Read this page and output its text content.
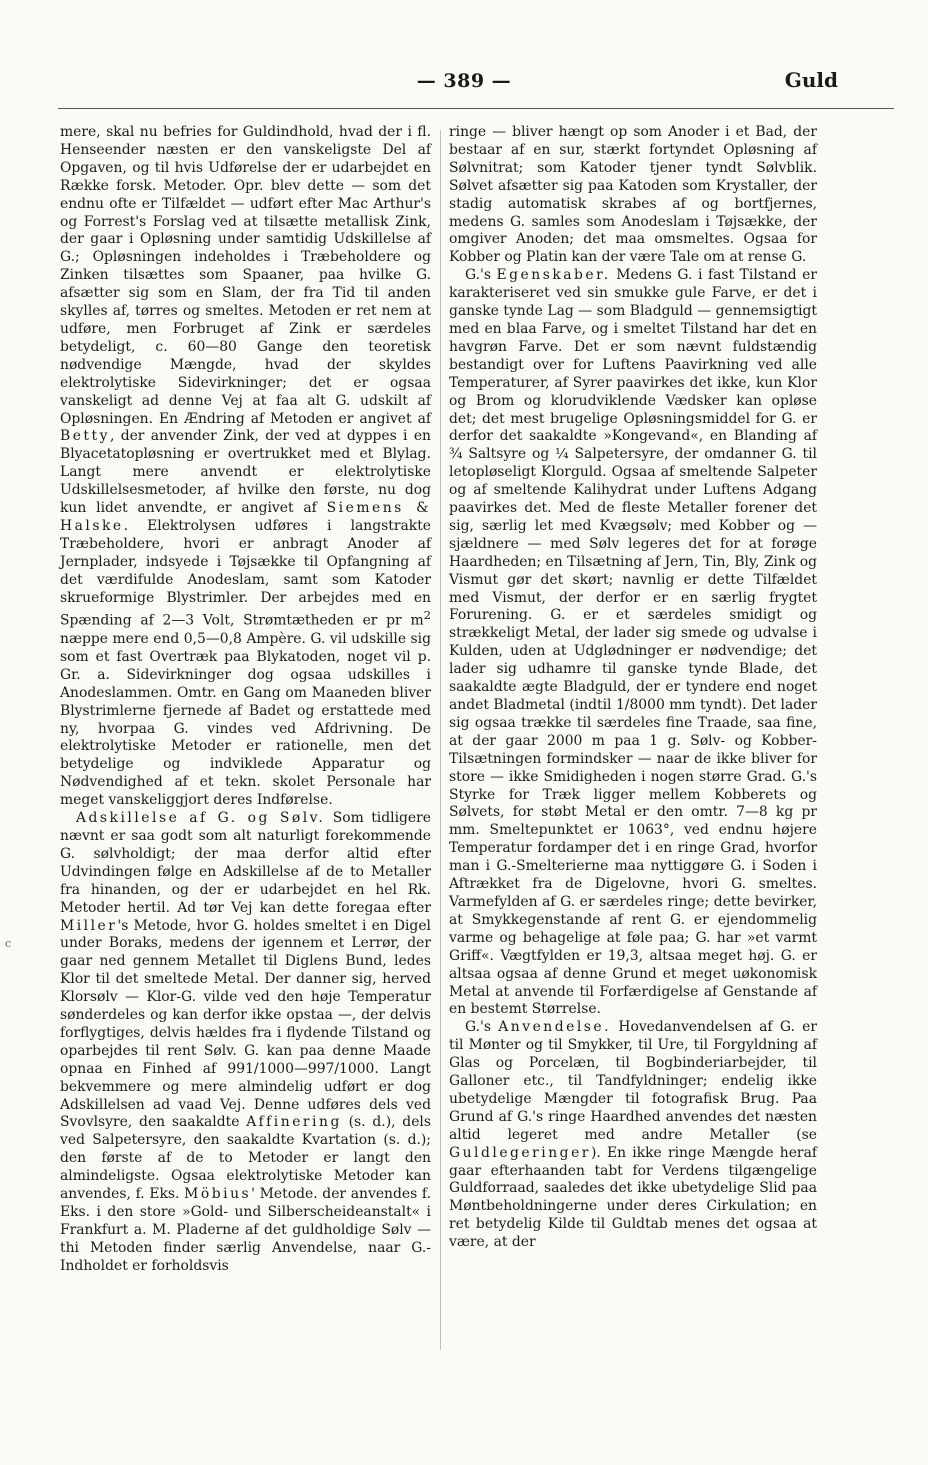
— 389 —	Guld
c

mere, skal nu befries for Guldindhold, hvad der i fl. Henseender næsten er den vanskeligste Del af Opgaven, og til hvis Udførelse der er udarbejdet en Række forsk. Metoder. Opr. blev dette — som det endnu ofte er Tilfældet — udført efter Mac Arthur's og Forrest's Forslag ved at tilsætte metallisk Zink, der gaar i Opløsning under samtidig Udskillelse af G.; Opløsningen indeholdes i Træbeholdere og Zinken tilsættes som Spaaner, paa hvilke G. afsætter sig som en Slam, der fra Tid til anden skylles af, tørres og smeltes. Metoden er ret nem at udføre, men Forbruget af Zink er særdeles betydeligt, c. 60—80 Gange den teoretisk nødvendige Mængde, hvad der skyldes elektrolytiske Sidevirkninger; det er ogsaa vanskeligt ad denne Vej at faa alt G. udskilt af Opløsningen. En Ændring af Metoden er angivet af Betty, der anvender Zink, der ved at dyppes i en Blyacetatopløsning er overtrukket med et Blylag. Langt mere anvendt er elektrolytiske Udskillelsesmetoder, af hvilke den første, nu dog kun lidet anvendte, er angivet af Siemens & Halske. Elektrolysen udføres i langstrakte Træbeholdere, hvori er anbragt Anoder af Jernplader, indsyede i Tøjsække til Opfangning af det værdifulde Anodeslam, samt som Katoder skrueformige Blystrimler. Der arbejdes med en Spænding af 2—3 Volt, Strømtætheden er pr $m^2$ næppe mere end 0,5—0,8 Ampère. G. vil udskille sig som et fast Overtræk paa Blykatoden, noget vil p. Gr. a. Sidevirkninger dog ogsaa udskilles i Anodeslammen. Omtr. en Gang om Maaneden bliver Blystrimlerne fjernede af Badet og erstattede med ny, hvorpaa G. vindes ved Afdrivning. De elektrolytiske Metoder er rationelle, men det betydelige og indviklede Apparatur og Nødvendighed af et tekn. skolet Personale har meget vanskeliggjort deres Indførelse.

Adskillelse af G. og Sølv. Som tidligere nævnt er saa godt som alt naturligt forekommende G. sølvholdigt; der maa derfor altid efter Udvindingen følge en Adskillelse af de to Metaller fra hinanden, og der er udarbejdet en hel Rk. Metoder hertil. Ad tør Vej kan dette foregaa efter Miller's Metode, hvor G. holdes smeltet i en Digel under Boraks, medens der igennem et Lerrør, der gaar ned gennem Metallet til Diglens Bund, ledes Klor til det smeltede Metal. Der danner sig, herved Klorsølv — Klor-G. vilde ved den høje Temperatur sønderdeles og kan derfor ikke opstaa —, der delvis forflygtiges, delvis hældes fra i flydende Tilstand og oparbejdes til rent Sølv. G. kan paa denne Maade opnaa en Finhed af 991/1000—997/1000. Langt bekvemmere og mere almindelig udført er dog Adskillelsen ad vaad Vej. Denne udføres dels ved Svovlsyre, den saakaldte Affinering (s. d.), dels ved Salpetersyre, den saakaldte Kvartation (s. d.); den første af de to Metoder er langt den almindeligste. Ogsaa elektrolytiske Metoder kan anvendes, f. Eks. Möbius' Metode. der anvendes f. Eks. i den store »Gold- und Silberscheideanstalt« i Frankfurt a. M. Pladerne af det guldholdige Sølv — thi Metoden finder særlig Anvendelse, naar G.-Indholdet er forholdsvis

ringe — bliver hængt op som Anoder i et Bad, der bestaar af en sur, stærkt fortyndet Opløsning af Sølvnitrat; som Katoder tjener tyndt Sølvblik. Sølvet afsætter sig paa Katoden som Krystaller, der stadig automatisk skrabes af og bortfjernes, medens G. samles som Anodeslam i Tøjsække, der omgiver Anoden; det maa omsmeltes. Ogsaa for Kobber og Platin kan der være Tale om at rense G.

G.'s Egenskaber. Medens G. i fast Tilstand er karakteriseret ved sin smukke gule Farve, er det i ganske tynde Lag — som Bladguld — gennemsigtigt med en blaa Farve, og i smeltet Tilstand har det en havgrøn Farve. Det er som nævnt fuldstændig bestandigt over for Luftens Paavirkning ved alle Temperaturer, af Syrer paavirkes det ikke, kun Klor og Brom og klorudviklende Vædsker kan opløse det; det mest brugelige Opløsningsmiddel for G. er derfor det saakaldte »Kongevand«, en Blanding af ¾ Saltsyre og ¼ Salpetersyre, der omdanner G. til letopløseligt Klorguld. Ogsaa af smeltende Salpeter og af smeltende Kalihydrat under Luftens Adgang paavirkes det. Med de fleste Metaller forener det sig, særlig let med Kvægsølv; med Kobber og — sjældnere — med Sølv legeres det for at forøge Haardheden; en Tilsætning af Jern, Tin, Bly, Zink og Vismut gør det skørt; navnlig er dette Tilfældet med Vismut, der derfor er en særlig frygtet Forurening. G. er et særdeles smidigt og strækkeligt Metal, der lader sig smede og udvalse i Kulden, uden at Udglødninger er nødvendige; det lader sig udhamre til ganske tynde Blade, det saakaldte ægte Bladguld, der er tyndere end noget andet Bladmetal (indtil 1/8000 mm tyndt). Det lader sig ogsaa trække til særdeles fine Traade, saa fine, at der gaar 2000 m paa 1 g. Sølv- og Kobber-Tilsætningen formindsker — naar de ikke bliver for store — ikke Smidigheden i nogen større Grad. G.'s Styrke for Træk ligger mellem Kobberets og Sølvets, for støbt Metal er den omtr. 7—8 kg pr mm. Smeltepunktet er 1063°, ved endnu højere Temperatur fordamper det i en ringe Grad, hvorfor man i G.-Smelterierne maa nyttiggøre G. i Soden i Aftrækket fra de Digelovne, hvori G. smeltes. Varmefylden af G. er særdeles ringe; dette bevirker, at Smykkegenstande af rent G. er ejendommelig varme og behagelige at føle paa; G. har »et varmt Griff«. Vægtfylden er 19,3, altsaa meget høj. G. er altsaa ogsaa af denne Grund et meget uøkonomisk Metal at anvende til Forfærdigelse af Genstande af en bestemt Størrelse.

G.'s Anvendelse. Hovedanvendelsen af G. er til Mønter og til Smykker, til Ure, til Forgyldning af Glas og Porcelæn, til Bogbinderiarbejder, til Galloner etc., til Tandfyldninger; endelig ikke ubetydelige Mængder til fotografisk Brug. Paa Grund af G.'s ringe Haardhed anvendes det næsten altid legeret med andre Metaller (se Guldlegeringer). En ikke ringe Mængde heraf gaar efterhaanden tabt for Verdens tilgængelige Guldforraad, saaledes det ikke ubetydelige Slid paa Møntbeholdningerne under deres Cirkulation; en ret betydelig Kilde til Guldtab menes det ogsaa at være, at der
